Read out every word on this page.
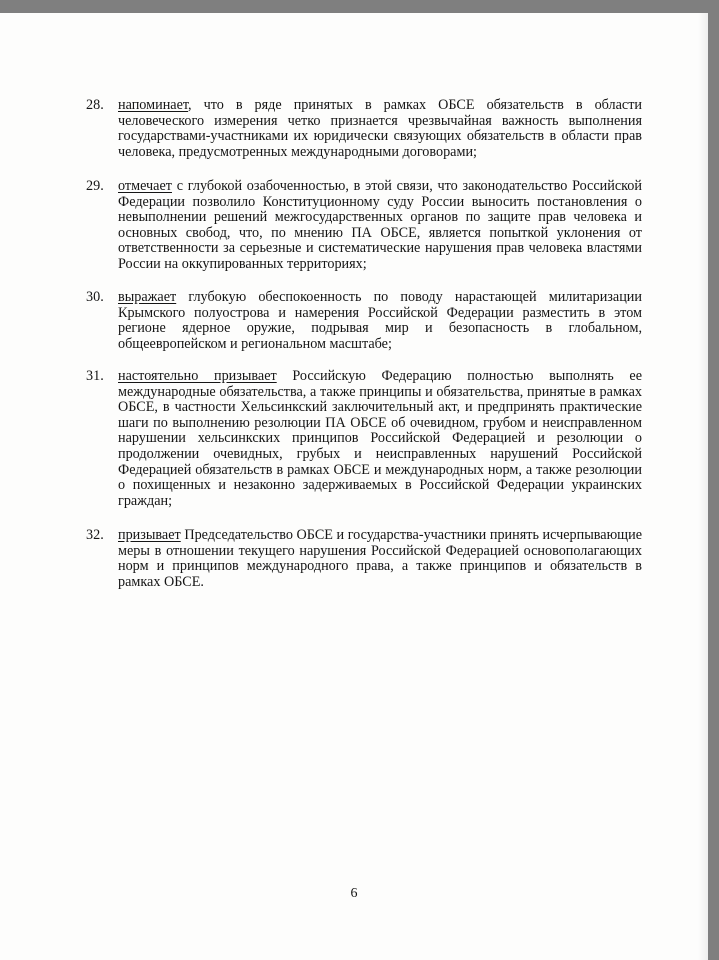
28. напоминает, что в ряде принятых в рамках ОБСЕ обязательств в области человеческого измерения четко признается чрезвычайная важность выполнения государствами-участниками их юридически связующих обязательств в области прав человека, предусмотренных международными договорами;
29. отмечает с глубокой озабоченностью, в этой связи, что законодательство Российской Федерации позволило Конституционному суду России выносить постановления о невыполнении решений межгосударственных органов по защите прав человека и основных свобод, что, по мнению ПА ОБСЕ, является попыткой уклонения от ответственности за серьезные и систематические нарушения прав человека властями России на оккупированных территориях;
30. выражает глубокую обеспокоенность по поводу нарастающей милитаризации Крымского полуострова и намерения Российской Федерации разместить в этом регионе ядерное оружие, подрывая мир и безопасность в глобальном, общеевропейском и региональном масштабе;
31. настоятельно призывает Российскую Федерацию полностью выполнять ее международные обязательства, а также принципы и обязательства, принятые в рамках ОБСЕ, в частности Хельсинкский заключительный акт, и предпринять практические шаги по выполнению резолюции ПА ОБСЕ об очевидном, грубом и неисправленном нарушении хельсинкских принципов Российской Федерацией и резолюции о продолжении очевидных, грубых и неисправленных нарушений Российской Федерацией обязательств в рамках ОБСЕ и международных норм, а также резолюции о похищенных и незаконно задерживаемых в Российской Федерации украинских граждан;
32. призывает Председательство ОБСЕ и государства-участники принять исчерпывающие меры в отношении текущего нарушения Российской Федерацией основополагающих норм и принципов международного права, а также принципов и обязательств в рамках ОБСЕ.
6
